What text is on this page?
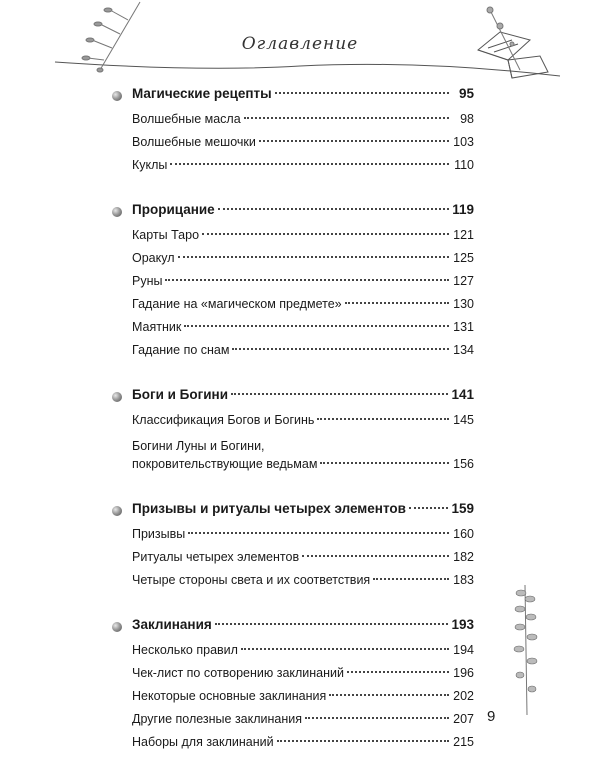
Оглавление
Магические рецепты	95
Волшебные масла	98
Волшебные мешочки	103
Куклы	110
Прорицание	119
Карты Таро	121
Оракул	125
Руны	127
Гадание на «магическом предмете»	130
Маятник	131
Гадание по снам	134
Боги и Богини	141
Классификация Богов и Богинь	145
Богини Луны и Богини,
покровительствующие ведьмам	156
Призывы и ритуалы четырех элементов	159
Призывы	160
Ритуалы четырех элементов	182
Четыре стороны света и их соответствия	183
Заклинания	193
Несколько правил	194
Чек-лист по сотворению заклинаний	196
Некоторые основные заклинания	202
Другие полезные заклинания	207
Наборы для заклинаний	215
9
